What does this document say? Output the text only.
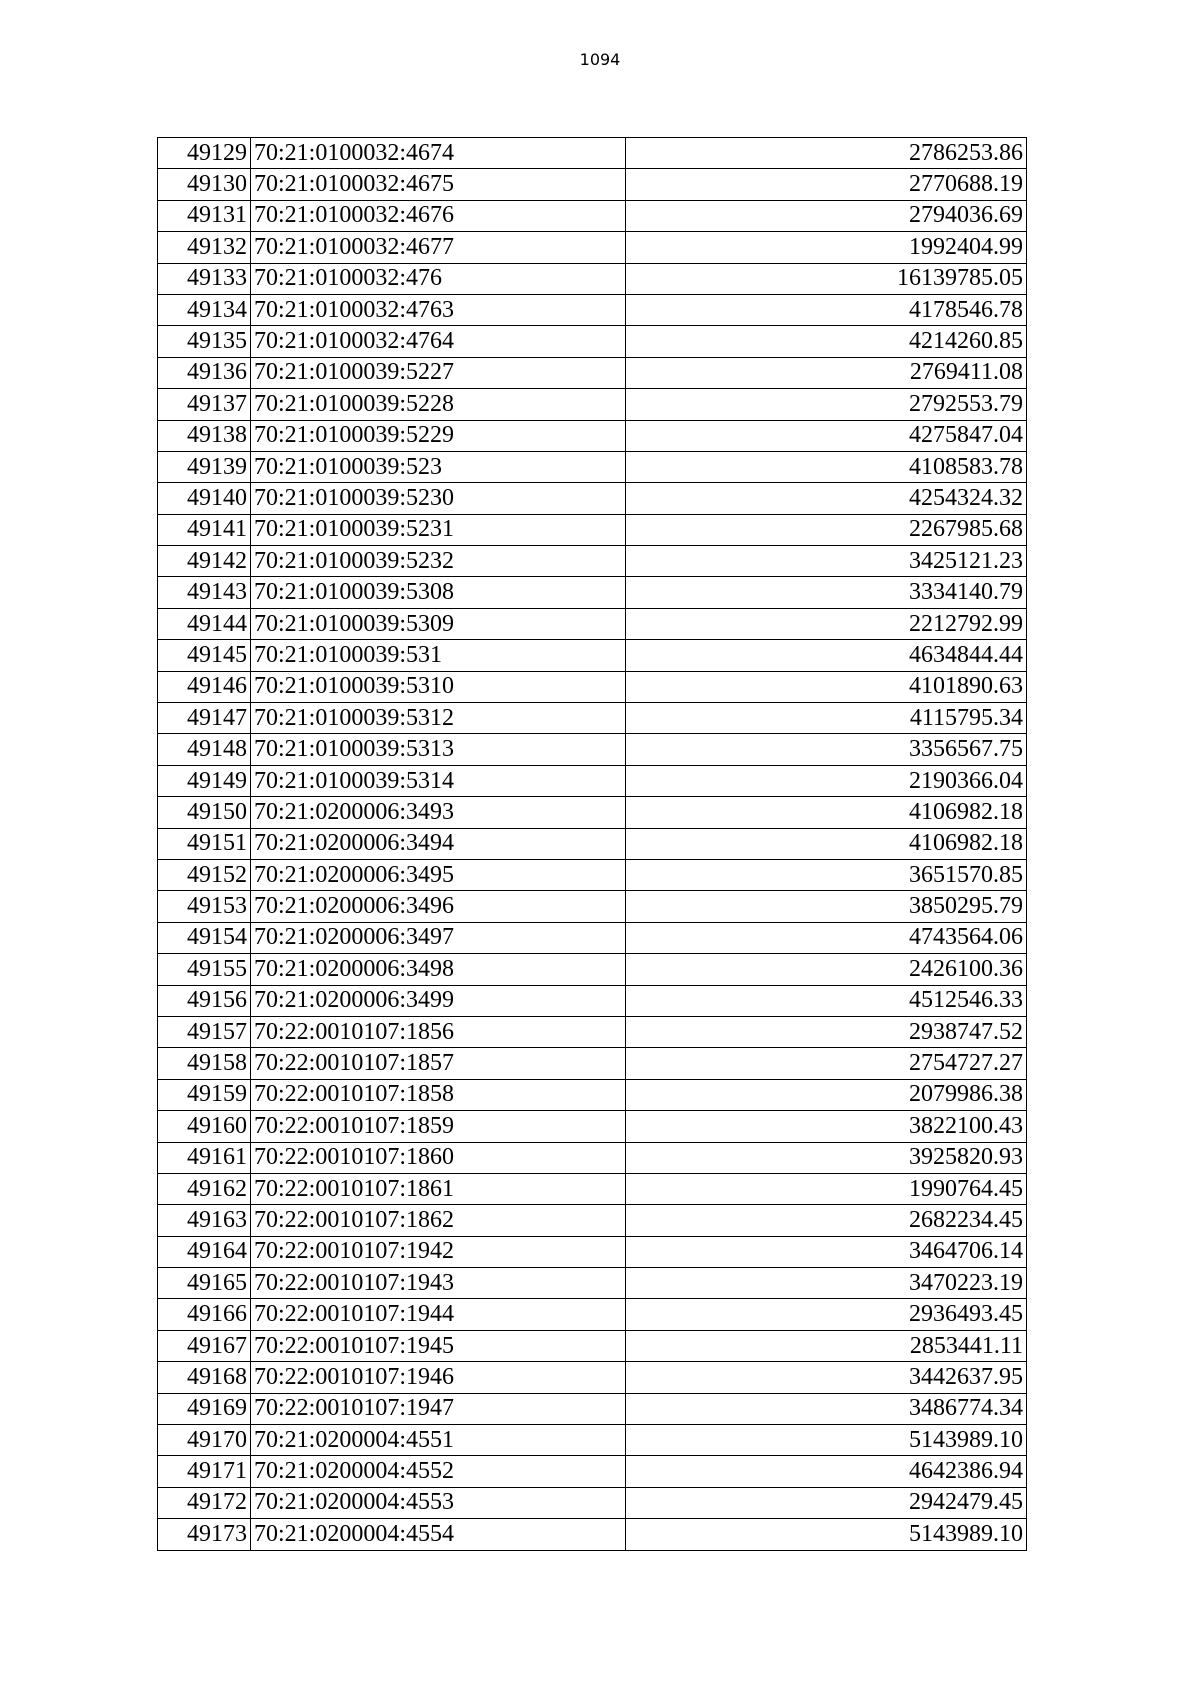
1094
49129	70:21:0100032:4674	2786253.86
49130	70:21:0100032:4675	2770688.19
49131	70:21:0100032:4676	2794036.69
49132	70:21:0100032:4677	1992404.99
49133	70:21:0100032:476	16139785.05
49134	70:21:0100032:4763	4178546.78
49135	70:21:0100032:4764	4214260.85
49136	70:21:0100039:5227	2769411.08
49137	70:21:0100039:5228	2792553.79
49138	70:21:0100039:5229	4275847.04
49139	70:21:0100039:523	4108583.78
49140	70:21:0100039:5230	4254324.32
49141	70:21:0100039:5231	2267985.68
49142	70:21:0100039:5232	3425121.23
49143	70:21:0100039:5308	3334140.79
49144	70:21:0100039:5309	2212792.99
49145	70:21:0100039:531	4634844.44
49146	70:21:0100039:5310	4101890.63
49147	70:21:0100039:5312	4115795.34
49148	70:21:0100039:5313	3356567.75
49149	70:21:0100039:5314	2190366.04
49150	70:21:0200006:3493	4106982.18
49151	70:21:0200006:3494	4106982.18
49152	70:21:0200006:3495	3651570.85
49153	70:21:0200006:3496	3850295.79
49154	70:21:0200006:3497	4743564.06
49155	70:21:0200006:3498	2426100.36
49156	70:21:0200006:3499	4512546.33
49157	70:22:0010107:1856	2938747.52
49158	70:22:0010107:1857	2754727.27
49159	70:22:0010107:1858	2079986.38
49160	70:22:0010107:1859	3822100.43
49161	70:22:0010107:1860	3925820.93
49162	70:22:0010107:1861	1990764.45
49163	70:22:0010107:1862	2682234.45
49164	70:22:0010107:1942	3464706.14
49165	70:22:0010107:1943	3470223.19
49166	70:22:0010107:1944	2936493.45
49167	70:22:0010107:1945	2853441.11
49168	70:22:0010107:1946	3442637.95
49169	70:22:0010107:1947	3486774.34
49170	70:21:0200004:4551	5143989.10
49171	70:21:0200004:4552	4642386.94
49172	70:21:0200004:4553	2942479.45
49173	70:21:0200004:4554	5143989.10
